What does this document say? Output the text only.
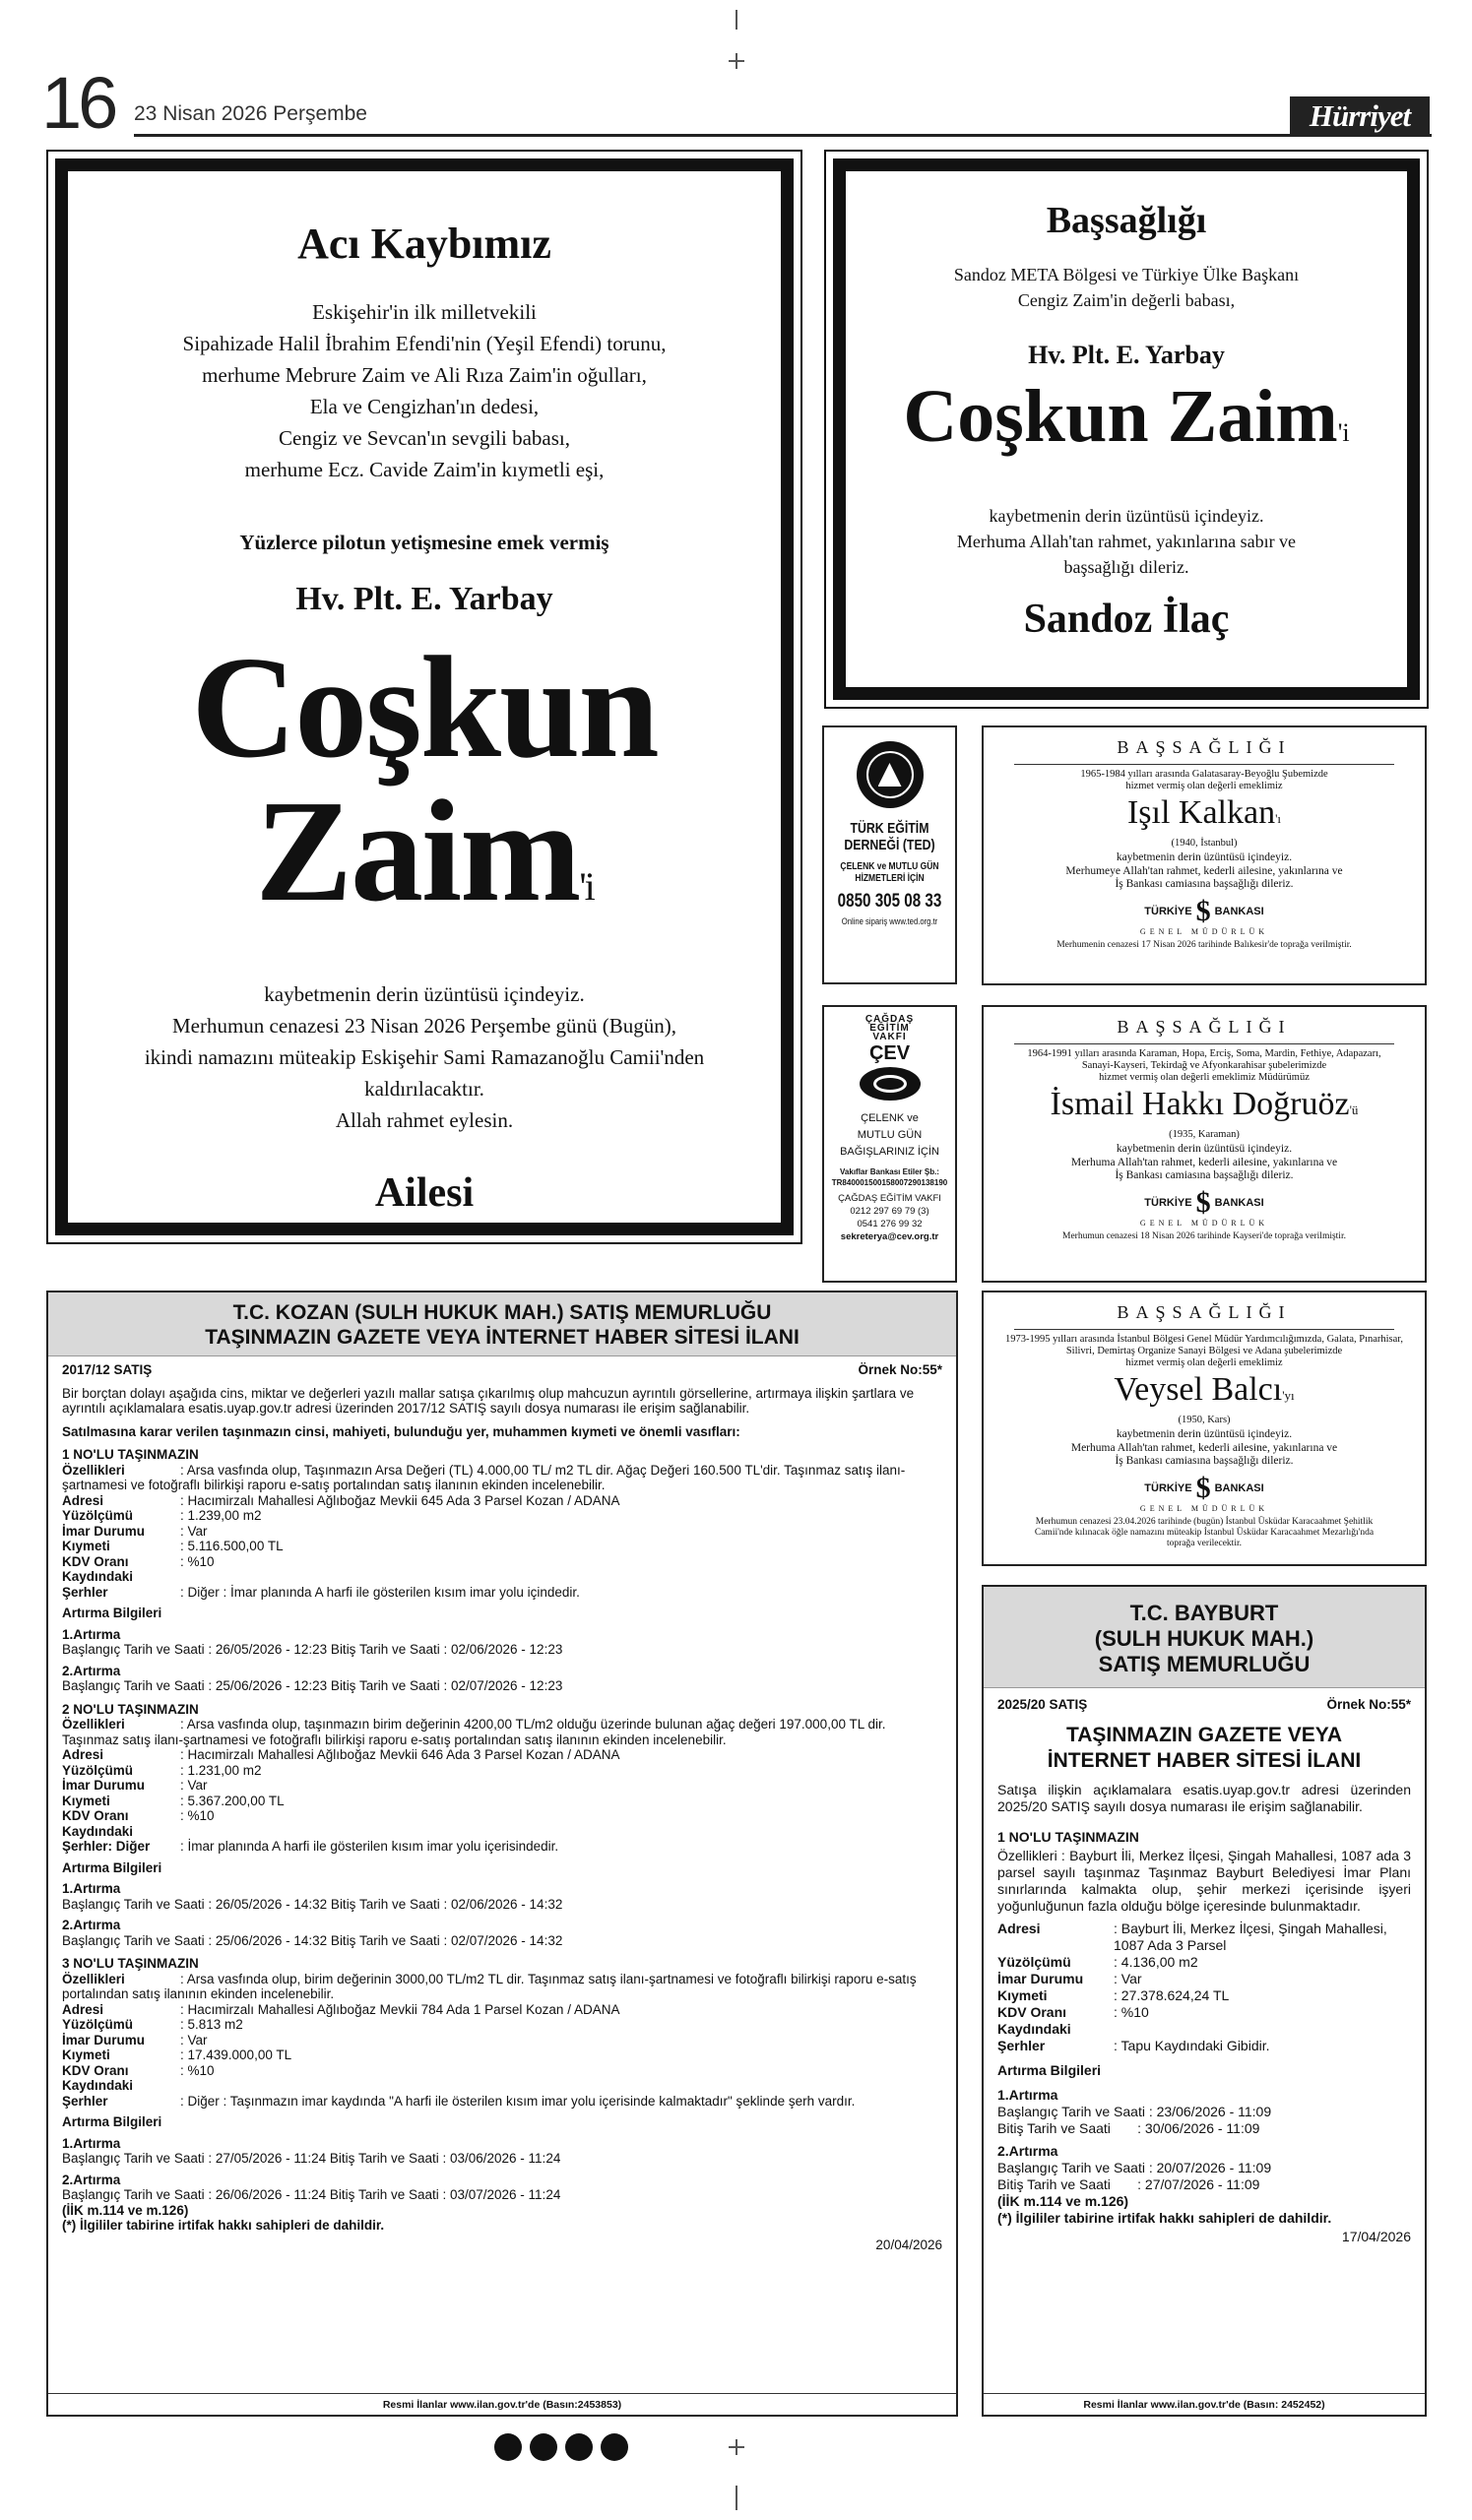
16 23 Nisan 2026 Perşembe	Hürriyet
Acı Kaybımız
Eskişehir'in ilk milletvekili
Sipahizade Halil İbrahim Efendi'nin (Yeşil Efendi) torunu,
merhume Mebrure Zaim ve Ali Rıza Zaim'in oğulları,
Ela ve Cengizhan'ın dedesi,
Cengiz ve Sevcan'ın sevgili babası,
merhume Ecz. Cavide Zaim'in kıymetli eşi,
Yüzlerce pilotun yetişmesine emek vermiş
Hv. Plt. E. Yarbay
Coşkun
Zaim'i
kaybetmenin derin üzüntüsü içindeyiz.
Merhumun cenazesi 23 Nisan 2026 Perşembe günü (Bugün),
ikindi namazını müteakip Eskişehir Sami Ramazanoğlu Camii'nden
kaldırılacaktır.
Allah rahmet eylesin.
Ailesi
Başsağlığı
Sandoz META Bölgesi ve Türkiye Ülke Başkanı
Cengiz Zaim'in değerli babası,
Hv. Plt. E. Yarbay
Coşkun Zaim'i
kaybetmenin derin üzüntüsü içindeyiz.
Merhuma Allah'tan rahmet, yakınlarına sabır ve
başsağlığı dileriz.
Sandoz İlaç
TÜRK EĞİTİM
DERNEĞİ (TED)
ÇELENK ve MUTLU GÜN
HİZMETLERİ İÇİN
0850 305 08 33
Online sipariş www.ted.org.tr
ÇAĞDAŞ
EĞİTİM
VAKFI
ÇEV
ÇELENK ve
MUTLU GÜN
BAĞIŞLARINIZ İÇİN
Vakıflar Bankası Etiler Şb.:
TR840001500158007290138190
ÇAĞDAŞ EĞİTİM VAKFI
0212 297 69 79 (3)
0541 276 99 32
sekreterya@cev.org.tr
BAŞSAĞLIĞI
1965-1984 yılları arasında Galatasaray-Beyoğlu Şubemizde
hizmet vermiş olan değerli emeklimiz
Işıl Kalkan'ı
(1940, İstanbul)
kaybetmenin derin üzüntüsü içindeyiz.
Merhumeye Allah'tan rahmet, kederli ailesine, yakınlarına ve
İş Bankası camiasına başsağlığı dileriz.
TÜRKİYE $ BANKASI
GENEL MÜDÜRLÜK
Merhumenin cenazesi 17 Nisan 2026 tarihinde Balıkesir'de toprağa verilmiştir.
BAŞSAĞLIĞI
1964-1991 yılları arasında Karaman, Hopa, Erciş, Soma, Mardin, Fethiye, Adapazarı,
Sanayi-Kayseri, Tekirdağ ve Afyonkarahisar şubelerimizde
hizmet vermiş olan değerli emeklimiz Müdürümüz
İsmail Hakkı Doğruöz'ü
(1935, Karaman)
kaybetmenin derin üzüntüsü içindeyiz.
Merhuma Allah'tan rahmet, kederli ailesine, yakınlarına ve
İş Bankası camiasına başsağlığı dileriz.
TÜRKİYE $ BANKASI
GENEL MÜDÜRLÜK
Merhumun cenazesi 18 Nisan 2026 tarihinde Kayseri'de toprağa verilmiştir.
BAŞSAĞLIĞI
1973-1995 yılları arasında İstanbul Bölgesi Genel Müdür Yardımcılığımızda, Galata, Pınarhisar,
Silivri, Demirtaş Organize Sanayi Bölgesi ve Adana şubelerimizde
hizmet vermiş olan değerli emeklimiz
Veysel Balcı'yı
(1950, Kars)
kaybetmenin derin üzüntüsü içindeyiz.
Merhuma Allah'tan rahmet, kederli ailesine, yakınlarına ve
İş Bankası camiasına başsağlığı dileriz.
TÜRKİYE $ BANKASI
GENEL MÜDÜRLÜK
Merhumun cenazesi 23.04.2026 tarihinde (bugün) İstanbul Üsküdar Karacaahmet Şehitlik
Camii'nde kılınacak öğle namazını müteakip İstanbul Üsküdar Karacaahmet Mezarlığı'nda
toprağa verilecektir.
T.C. KOZAN (SULH HUKUK MAH.) SATIŞ MEMURLUĞU
TAŞINMAZIN GAZETE VEYA İNTERNET HABER SİTESİ İLANI
2017/12 SATIŞ	Örnek No:55*
Bir borçtan dolayı aşağıda cins, miktar ve değerleri yazılı mallar satışa çıkarılmış olup mahcuzun ayrıntılı görsellerine, artırmaya ilişkin şartlara ve ayrıntılı açıklamalara esatis.uyap.gov.tr adresi üzerinden 2017/12 SATIŞ sayılı dosya numarası ile erişim sağlanabilir.
Satılmasına karar verilen taşınmazın cinsi, mahiyeti, bulunduğu yer, muhammen kıymeti ve önemli vasıfları:
1 NO'LU TAŞINMAZIN
Özellikleri	: Arsa vasfında olup, Taşınmazın Arsa Değeri (TL) 4.000,00 TL/ m2 TL dir. Ağaç Değeri 160.500 TL'dir. Taşınmaz satış ilanı-şartnamesi ve fotoğraflı bilirkişi raporu e-satış portalından satış ilanının ekinden incelenebilir.
Adresi	: Hacımirzalı Mahallesi Ağlıboğaz Mevkii 645 Ada 3 Parsel Kozan / ADANA
Yüzölçümü	: 1.239,00 m2
İmar Durumu	: Var
Kıymeti	: 5.116.500,00 TL
KDV Oranı	: %10
Kaydındaki
Şerhler	: Diğer : İmar planında A harfi ile gösterilen kısım imar yolu içindedir.
Artırma Bilgileri
1.Artırma
Başlangıç Tarih ve Saati : 26/05/2026 - 12:23 Bitiş Tarih ve Saati : 02/06/2026 - 12:23
2.Artırma
Başlangıç Tarih ve Saati : 25/06/2026 - 12:23 Bitiş Tarih ve Saati : 02/07/2026 - 12:23
2 NO'LU TAŞINMAZIN
Özellikleri	: Arsa vasfında olup, taşınmazın birim değerinin 4200,00 TL/m2 olduğu üzerinde bulunan ağaç değeri 197.000,00 TL dir. Taşınmaz satış ilanı-şartnamesi ve fotoğraflı bilirkişi raporu e-satış portalından satış ilanının ekinden incelenebilir.
Adresi	: Hacımirzalı Mahallesi Ağlıboğaz Mevkii 646 Ada 3 Parsel Kozan / ADANA
Yüzölçümü	: 1.231,00 m2
İmar Durumu	: Var
Kıymeti	: 5.367.200,00 TL
KDV Oranı	: %10
Kaydındaki
Şerhler: Diğer : İmar planında A harfi ile gösterilen kısım imar yolu içerisindedir.
Artırma Bilgileri
1.Artırma
Başlangıç Tarih ve Saati : 26/05/2026 - 14:32 Bitiş Tarih ve Saati : 02/06/2026 - 14:32
2.Artırma
Başlangıç Tarih ve Saati : 25/06/2026 - 14:32 Bitiş Tarih ve Saati : 02/07/2026 - 14:32
3 NO'LU TAŞINMAZIN
Özellikleri	: Arsa vasfında olup, birim değerinin 3000,00 TL/m2 TL dir. Taşınmaz satış ilanı-şartnamesi ve fotoğraflı bilirkişi raporu e-satış portalından satış ilanının ekinden incelenebilir.
Adresi	: Hacımirzalı Mahallesi Ağlıboğaz Mevkii 784 Ada 1 Parsel Kozan / ADANA
Yüzölçümü	: 5.813 m2
İmar Durumu	: Var
Kıymeti	: 17.439.000,00 TL
KDV Oranı	: %10
Kaydındaki
Şerhler	: Diğer : Taşınmazın imar kaydında "A harfi ile österilen kısım imar yolu içerisinde kalmaktadır" şeklinde şerh vardır.
Artırma Bilgileri
1.Artırma
Başlangıç Tarih ve Saati : 27/05/2026 - 11:24 Bitiş Tarih ve Saati : 03/06/2026 - 11:24
2.Artırma
Başlangıç Tarih ve Saati : 26/06/2026 - 11:24 Bitiş Tarih ve Saati : 03/07/2026 - 11:24
(İİK m.114 ve m.126)
(*) İlgililer tabirine irtifak hakkı sahipleri de dahildir.
20/04/2026
Resmi İlanlar www.ilan.gov.tr'de (Basın:2453853)
T.C. BAYBURT
(SULH HUKUK MAH.)
SATIŞ MEMURLUĞU
2025/20 SATIŞ	Örnek No:55*
TAŞINMAZIN GAZETE VEYA
İNTERNET HABER SİTESİ İLANI
Satışa ilişkin açıklamalara esatis.uyap.gov.tr adresi üzerinden 2025/20 SATIŞ sayılı dosya numarası ile erişim sağlanabilir.
1 NO'LU TAŞINMAZIN
Özellikleri : Bayburt İli, Merkez İlçesi, Şingah Mahallesi, 1087 ada 3 parsel sayılı taşınmaz Taşınmaz Bayburt Belediyesi İmar Planı sınırlarında kalmakta olup, şehir merkezi içerisinde işyeri yoğunluğunun fazla olduğu bölge içeresinde bulunmaktadır.
Adresi	: Bayburt İli, Merkez İlçesi, Şingah Mahallesi, 1087 Ada 3 Parsel
Yüzölçümü	: 4.136,00 m2
İmar Durumu : Var
Kıymeti	: 27.378.624,24 TL
KDV Oranı	: %10
Kaydındaki
Şerhler	: Tapu Kaydındaki Gibidir.
Artırma Bilgileri
1.Artırma
Başlangıç Tarih ve Saati : 23/06/2026 - 11:09
Bitiş Tarih ve Saati       : 30/06/2026 - 11:09
2.Artırma
Başlangıç Tarih ve Saati : 20/07/2026 - 11:09
Bitiş Tarih ve Saati       : 27/07/2026 - 11:09
(İİK m.114 ve m.126)
(*) İlgililer tabirine irtifak hakkı sahipleri de dahildir.
17/04/2026
Resmi İlanlar www.ilan.gov.tr'de (Basın: 2452452)
